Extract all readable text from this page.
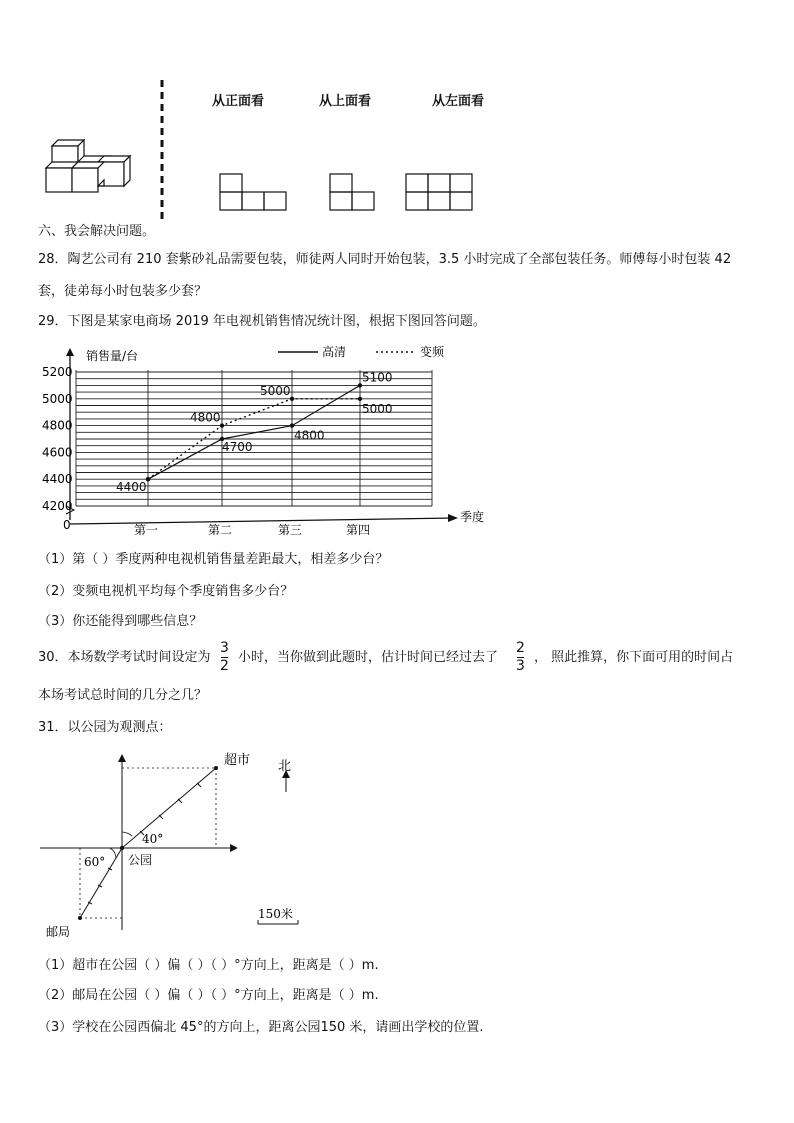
从正面看	从上面看	从左面看
六、我会解决问题。
28．陶艺公司有 210 套紫砂礼品需要包装，师徒两人同时开始包装，3.5 小时完成了全部包装任务。师傅每小时包装 42
套，徒弟每小时包装多少套？
29．下图是某家电商场 2019 年电视机销售情况统计图，根据下图回答问题。
4200
4400
4600
4800
5000
5200
第一	第二	第三	第四
4400
4700
4800
5100
4800
5000
5000
高清	变频
销售量/台
季度
0
（1）第（ ）季度两种电视机销售量差距最大，相差多少台？
（2）变频电视机平均每个季度销售多少台？
（3）你还能得到哪些信息？
30．本场数学考试时间设定为
3
2
小时，当你做到此题时，估计时间已经过去了
2
3
， 照此推算，你下面可用的时间占
本场考试总时间的几分之几？
31．以公园为观测点：
超市 北
40°
公园
60°
邮局
150米
（1）超市在公园（ ）偏（ ）（ ）°方向上，距离是（ ）m.
（2）邮局在公园（ ）偏（ ）（ ）°方向上，距离是（ ）m.
（3）学校在公园西偏北 45°的方向上，距离公园150 米，请画出学校的位置.
